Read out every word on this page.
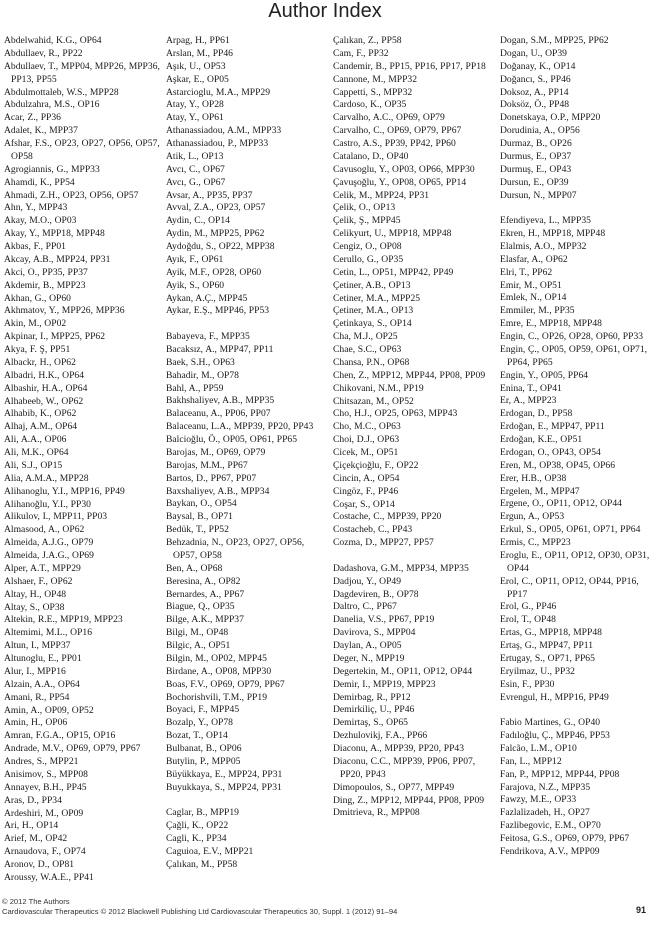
Author Index
Abdelwahid, K.G., OP64
Abdullaev, R., PP22
Abdullaev, T., MPP04, MPP26, MPP36, PP13, PP55
Abdulmottaleb, W.S., MPP28
Abdulzahra, M.S., OP16
Acar, Z., PP36
Adalet, K., MPP37
Afshar, F.S., OP23, OP27, OP56, OP57, OP58
Agrogiannis, G., MPP33
Ahamdi, K., PP54
Ahmadi, Z.H., OP23, OP56, OP57
Ahn, Y., MPP43
Akay, M.O., OP03
Akay, Y., MPP18, MPP48
Akbas, F., PP01
Akcay, A.B., MPP24, PP31
Akci, O., PP35, PP37
Akdemir, B., MPP23
Akhan, G., OP60
Akhmatov, Y., MPP26, MPP36
Akin, M., OP02
Akpinar, I., MPP25, PP62
Akya, F. Ş, PP51
Albackr, H., OP62
Albadri, H.K., OP64
Albashir, H.A., OP64
Alhabeeb, W., OP62
Alhabib, K., OP62
Alhaj, A.M., OP64
Ali, A.A., OP06
Ali, M.K., OP64
Ali, S.J., OP15
Alia, A.M.A., MPP28
Alihanoglu, Y.I., MPP16, PP49
Alihanoğlu, Y.I., PP30
Alikulov, I., MPP11, PP03
Almasood, A., OP62
Almeida, A.J.G., OP79
Almeida, J.A.G., OP69
Alper, A.T., MPP29
Alshaer, F., OP62
Altay, H., OP48
Altay, S., OP38
Altekin, R.E., MPP19, MPP23
Altemimi, M.L., OP16
Altun, I., MPP37
Altunoglu, E., PP01
Alur, I., MPP16
Alzain, A.A., OP64
Amani, R., PP54
Amin, A., OP09, OP52
Amin, H., OP06
Amran, F.G.A., OP15, OP16
Andrade, M.V., OP69, OP79, PP67
Andres, S., MPP21
Anisimov, S., MPP08
Annayev, B.H., PP45
Aras, D., PP34
Ardeshiri, M., OP09
Ari, H., OP14
Arief, M., OP42
Arnaudova, F., OP74
Aronov, D., OP81
Aroussy, W.A.E., PP41
Arpag, H., PP61
Arslan, M., PP46
Aşık, U., OP53
Aşkar, E., OP05
Astarcioglu, M.A., MPP29
Atay, Y., OP28
Atay, Y., OP61
Athanassiadou, A.M., MPP33
Athanassiadou, P., MPP33
Atik, L., OP13
Avcı, C., OP67
Avcı, G., OP67
Avsar, A., PP35, PP37
Avval, Z.A., OP23, OP57
Aydin, C., OP14
Aydin, M., MPP25, PP62
Aydoğdu, S., OP22, MPP38
Ayık, F., OP61
Ayik, M.F., OP28, OP60
Ayik, S., OP60
Aykan, A.Ç., MPP45
Aykar, E.Ş., MPP46, PP53
Babayeva, F., MPP35
Bacaksız, A., MPP47, PP11
Baek, S.H., OP63
Bahadir, M., OP78
Bahl, A., PP59
Bakhshaliyev, A.B., MPP35
Balaceanu, A., PP06, PP07
Balaceanu, L.A., MPP39, PP20, PP43
Balcioğlu, Ö., OP05, OP61, PP65
Barojas, M., OP69, OP79
Barojas, M.M., PP67
Bartos, D., PP67, PP07
Baxshaliyev, A.B., MPP34
Baykan, O., OP54
Baysal, B., OP71
Bedük, T., PP52
Behzadnia, N., OP23, OP27, OP56, OP57, OP58
Ben, A., OP68
Beresina, A., OP82
Bernardes, A., PP67
Biague, Q., OP35
Bilge, A.K., MPP37
Bilgi, M., OP48
Bilgic, A., OP51
Bilgin, M., OP02, MPP45
Birdane, A., OP08, MPP30
Boas, F.V., OP69, OP79, PP67
Bochorishvili, T.M., PP19
Boyaci, F., MPP45
Bozalp, Y., OP78
Bozat, T., OP14
Bulbanat, B., OP06
Butylin, P., MPP05
Büyükkaya, E., MPP24, PP31
Buyukkaya, S., MPP24, PP31
Caglar, B., MPP19
Çağli, K., OP22
Cagli, K., PP34
Caguioa, E.V., MPP21
Çalıkan, M., PP58
Çalıkan, Z., PP58
Cam, F., PP32
Candemir, B., PP15, PP16, PP17, PP18
Cannone, M., MPP32
Cappetti, S., MPP32
Cardoso, K., OP35
Carvalho, A.C., OP69, OP79
Carvalho, C., OP69, OP79, PP67
Castro, A.S., PP39, PP42, PP60
Catalano, D., OP40
Cavusoglu, Y., OP03, OP66, MPP30
Çavuşoğlu, Y., OP08, OP65, PP14
Celik, M., MPP24, PP31
Çelik, O., OP13
Çelik, Ş., MPP45
Celikyurt, U., MPP18, MPP48
Cengiz, O., OP08
Cerullo, G., OP35
Cetin, L., OP51, MPP42, PP49
Çetiner, A.B., OP13
Cetiner, M.A., MPP25
Çetiner, M.A., OP13
Çetinkaya, S., OP14
Cha, M.J., OP25
Chae, S.C., OP63
Chansa, P.N., OP68
Chen, Z., MPP12, MPP44, PP08, PP09
Chikovani, N.M., PP19
Chitsazan, M., OP52
Cho, H.J., OP25, OP63, MPP43
Cho, M.C., OP63
Choi, D.J., OP63
Cicek, M., OP51
Çiçekçioğlu, F., OP22
Cincin, A., OP54
Cingöz, F., PP46
Coşar, S., OP14
Costache, C., MPP39, PP20
Costacheb, C., PP43
Cozma, D., MPP27, PP57
Dadashova, G.M., MPP34, MPP35
Dadjou, Y., OP49
Dagdeviren, B., OP78
Daltro, C., PP67
Danelia, V.S., PP67, PP19
Davirova, S., MPP04
Daylan, A., OP05
Deger, N., MPP19
Degertekin, M., OP11, OP12, OP44
Demir, I., MPP19, MPP23
Demirbag, R., PP12
Demirkiliç, U., PP46
Demirtaş, S., OP65
Dezhulovikj, F.A., PP66
Diaconu, A., MPP39, PP20, PP43
Diaconu, C.C., MPP39, PP06, PP07, PP20, PP43
Dimopoulos, S., OP77, MPP49
Ding, Z., MPP12, MPP44, PP08, PP09
Dmitrieva, R., MPP08
Dogan, S.M., MPP25, PP62
Dogan, U., OP39
Doğanay, K., OP14
Doğancı, S., PP46
Doksoz, A., PP14
Doksöz, Ö., PP48
Donetskaya, O.P., MPP20
Dorudinia, A., OP56
Durmaz, B., OP26
Durmus, E., OP37
Durmuş, E., OP43
Dursun, E., OP39
Dursun, N., MPP07
Efendiyeva, L., MPP35
Ekren, H., MPP18, MPP48
Elalmis, A.O., MPP32
Elasfar, A., OP62
Elri, T., PP62
Emir, M., OP51
Emlek, N., OP14
Emmiler, M., PP35
Emre, E., MPP18, MPP48
Engin, C., OP26, OP28, OP60, PP33
Engin, Ç., OP05, OP59, OP61, OP71, PP64, PP65
Engin, Y., OP05, PP64
Enina, T., OP41
Er, A., MPP23
Erdogan, D., PP58
Erdoğan, E., MPP47, PP11
Erdoğan, K.E., OP51
Erdogan, O., OP43, OP54
Eren, M., OP38, OP45, OP66
Erer, H.B., OP38
Ergelen, M., MPP47
Ergene, O., OP11, OP12, OP44
Ergun, A., OP53
Erkul, S., OP05, OP61, OP71, PP64
Ermis, C., MPP23
Eroglu, E., OP11, OP12, OP30, OP31, OP44
Erol, C., OP11, OP12, OP44, PP16, PP17
Erol, G., PP46
Erol, T., OP48
Ertas, G., MPP18, MPP48
Ertaş, G., MPP47, PP11
Ertugay, S., OP71, PP65
Eryilmaz, U., PP32
Esin, F., PP30
Evrengul, H., MPP16, PP49
Fabio Martines, G., OP40
Fadıloğlu, Ç., MPP46, PP53
Falcão, L.M., OP10
Fan, L., MPP12
Fan, P., MPP12, MPP44, PP08
Farajova, N.Z., MPP35
Fawzy, M.E., OP33
Fazlalizadeh, H., OP27
Fazlibegovic, E.M., OP70
Feitosa, G.S., OP69, OP79, PP67
Fendrikova, A.V., MPP09
© 2012 The Authors
Cardiovascular Therapeutics © 2012 Blackwell Publishing Ltd Cardiovascular Therapeutics 30, Suppl. 1 (2012) 91–94	91
